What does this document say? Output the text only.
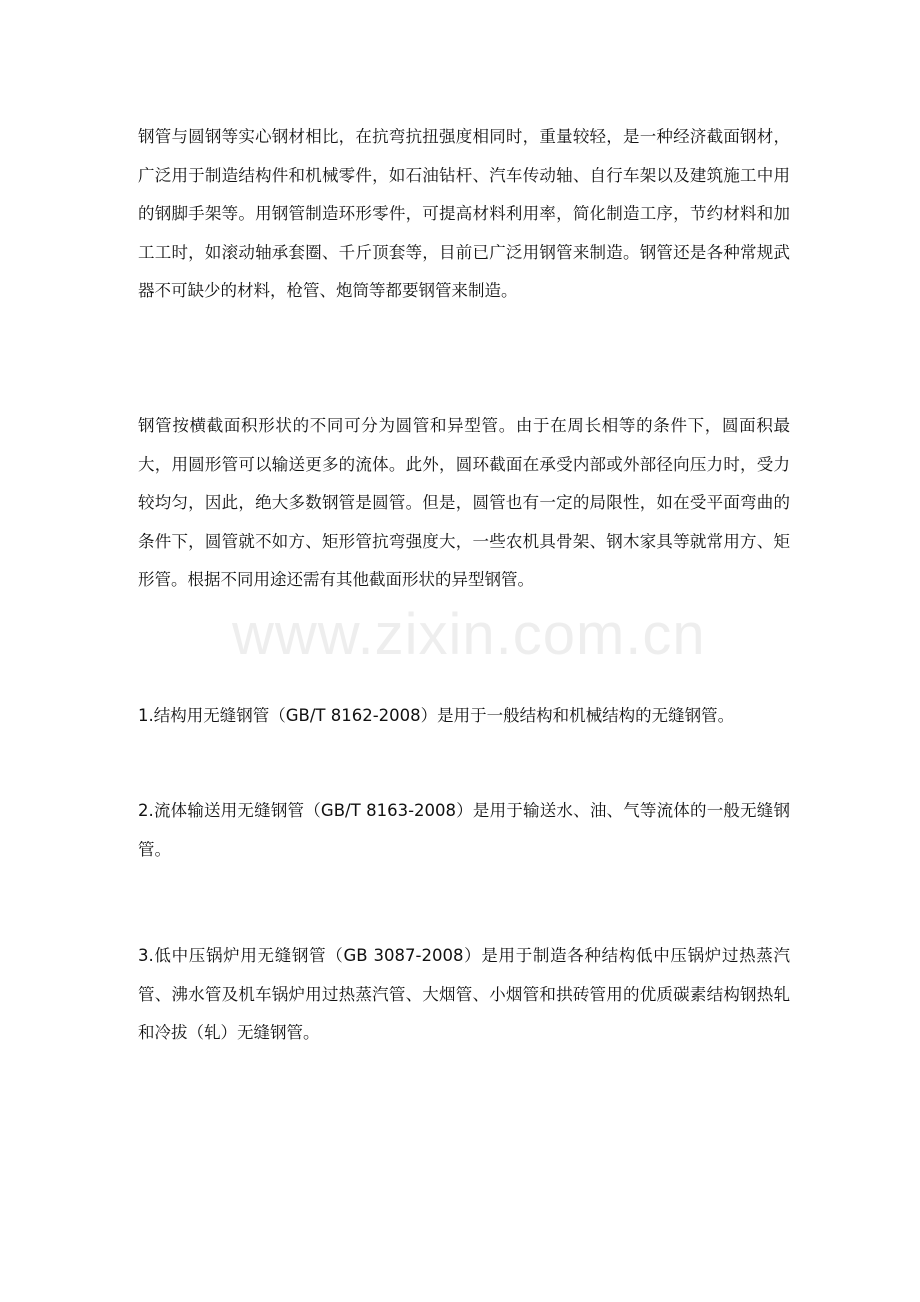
钢管与圆钢等实心钢材相比，在抗弯抗扭强度相同时，重量较轻，是一种经济截面钢材，广泛用于制造结构件和机械零件，如石油钻杆、汽车传动轴、自行车架以及建筑施工中用的钢脚手架等。用钢管制造环形零件，可提高材料利用率，简化制造工序，节约材料和加工工时，如滚动轴承套圈、千斤顶套等，目前已广泛用钢管来制造。钢管还是各种常规武器不可缺少的材料，枪管、炮筒等都要钢管来制造。

钢管按横截面积形状的不同可分为圆管和异型管。由于在周长相等的条件下，圆面积最大，用圆形管可以输送更多的流体。此外，圆环截面在承受内部或外部径向压力时，受力较均匀，因此，绝大多数钢管是圆管。但是，圆管也有一定的局限性，如在受平面弯曲的条件下，圆管就不如方、矩形管抗弯强度大，一些农机具骨架、钢木家具等就常用方、矩形管。根据不同用途还需有其他截面形状的异型钢管。

1.结构用无缝钢管（GB/T 8162-2008）是用于一般结构和机械结构的无缝钢管。

2.流体输送用无缝钢管（GB/T 8163-2008）是用于输送水、油、气等流体的一般无缝钢管。

3.低中压锅炉用无缝钢管（GB 3087-2008）是用于制造各种结构低中压锅炉过热蒸汽管、沸水管及机车锅炉用过热蒸汽管、大烟管、小烟管和拱砖管用的优质碳素结构钢热轧和冷拔（轧）无缝钢管。

www.zixin.com.cn
